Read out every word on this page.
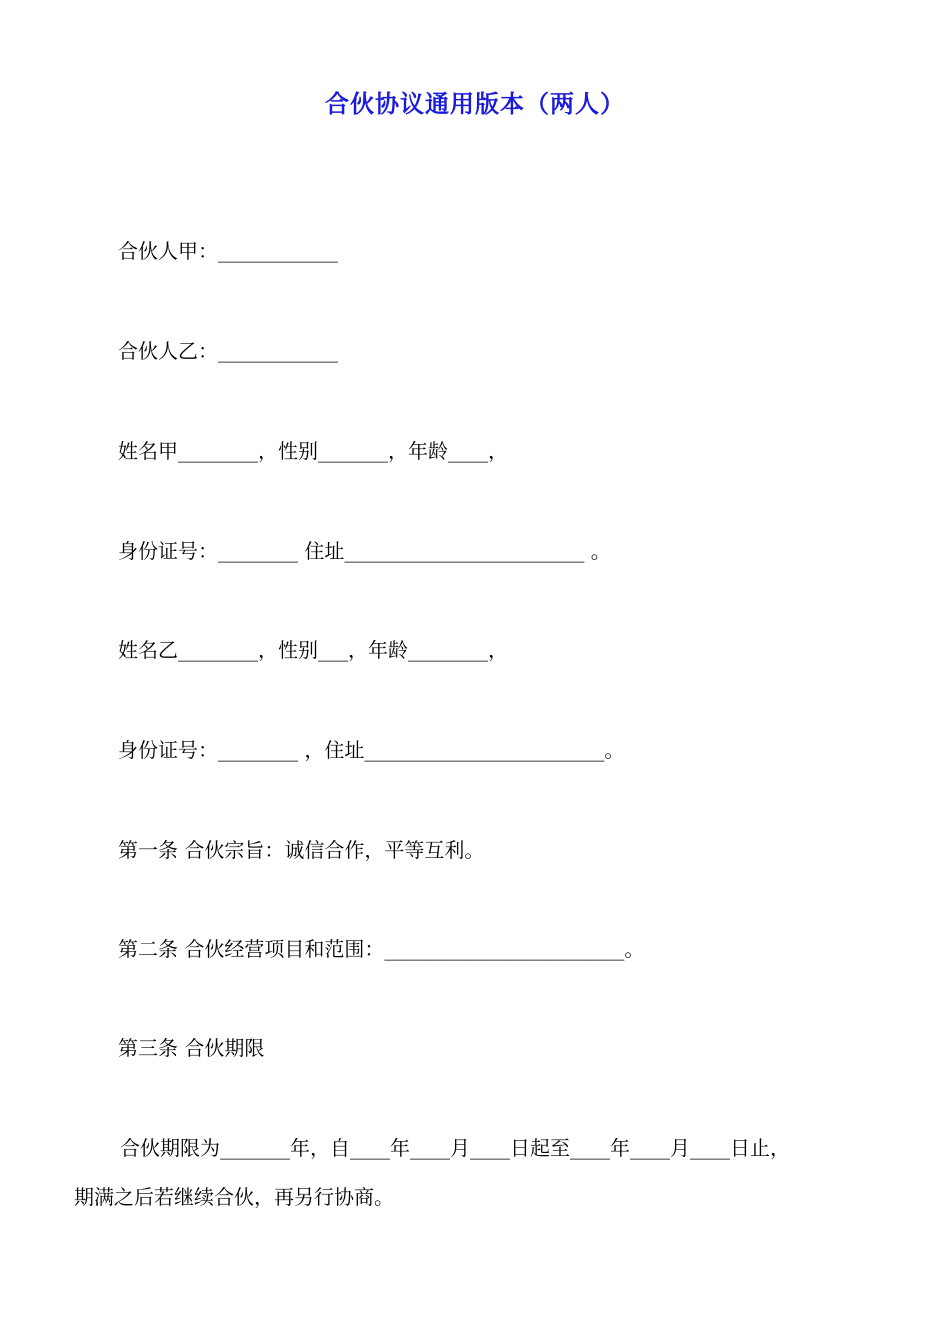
合伙协议通用版本（两人）
合伙人甲：____________
合伙人乙：____________
姓名甲________，性别_______，年龄____，
身份证号：________ 住址________________________ 。
姓名乙________，性别___，年龄________，
身份证号：________ ，住址________________________。
第一条 合伙宗旨：诚信合作，平等互利。
第二条 合伙经营项目和范围：________________________。
第三条 合伙期限
合伙期限为_______年，自____年____月____日起至____年____月____日止，
期满之后若继续合伙，再另行协商。
